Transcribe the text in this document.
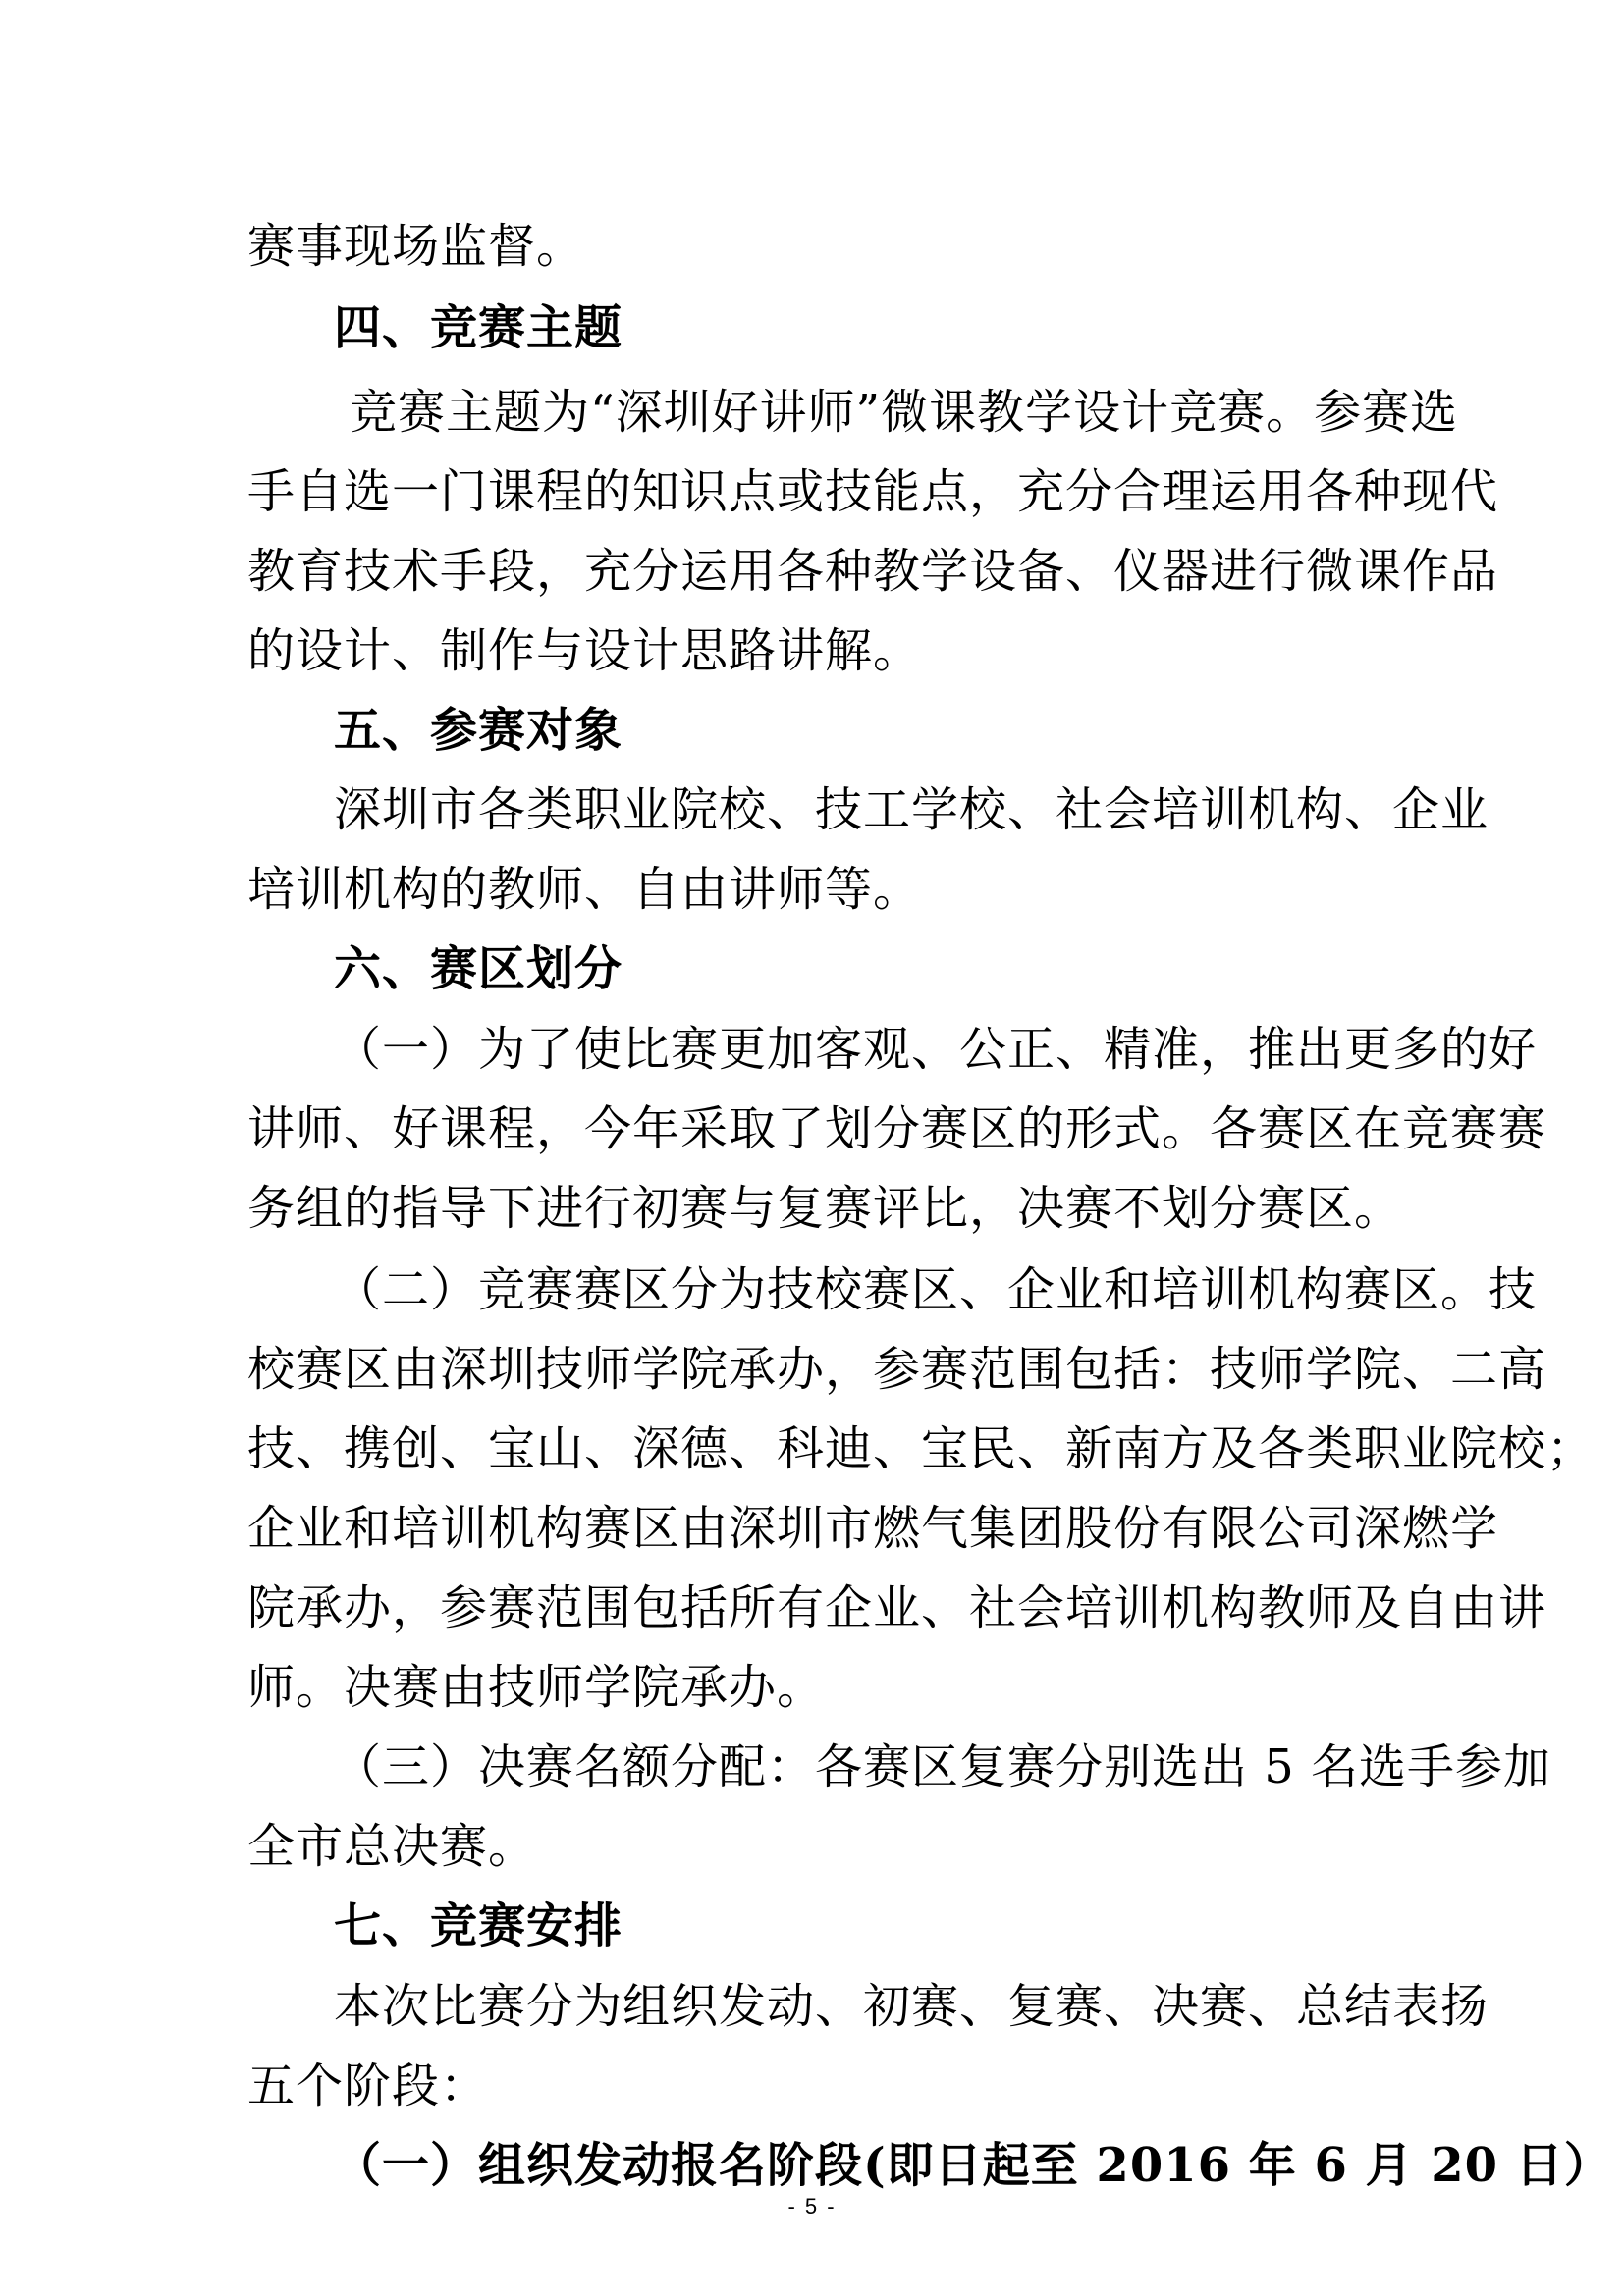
赛事现场监督。
四、竞赛主题
竞赛主题为“深圳好讲师”微课教学设计竞赛。参赛选
手自选一门课程的知识点或技能点，充分合理运用各种现代
教育技术手段，充分运用各种教学设备、仪器进行微课作品
的设计、制作与设计思路讲解。
五、参赛对象
深圳市各类职业院校、技工学校、社会培训机构、企业
培训机构的教师、自由讲师等。
六、赛区划分
（一）为了使比赛更加客观、公正、精准，推出更多的好
讲师、好课程，今年采取了划分赛区的形式。各赛区在竞赛赛
务组的指导下进行初赛与复赛评比，决赛不划分赛区。
（二）竞赛赛区分为技校赛区、企业和培训机构赛区。技
校赛区由深圳技师学院承办，参赛范围包括：技师学院、二高
技、携创、宝山、深德、科迪、宝民、新南方及各类职业院校；
企业和培训机构赛区由深圳市燃气集团股份有限公司深燃学
院承办，参赛范围包括所有企业、社会培训机构教师及自由讲
师。决赛由技师学院承办。
（三）决赛名额分配：各赛区复赛分别选出 5 名选手参加
全市总决赛。
七、竞赛安排
本次比赛分为组织发动、初赛、复赛、决赛、总结表扬
五个阶段：
（一）组织发动报名阶段(即日起至 2016 年 6 月 20 日）
- 5 -
